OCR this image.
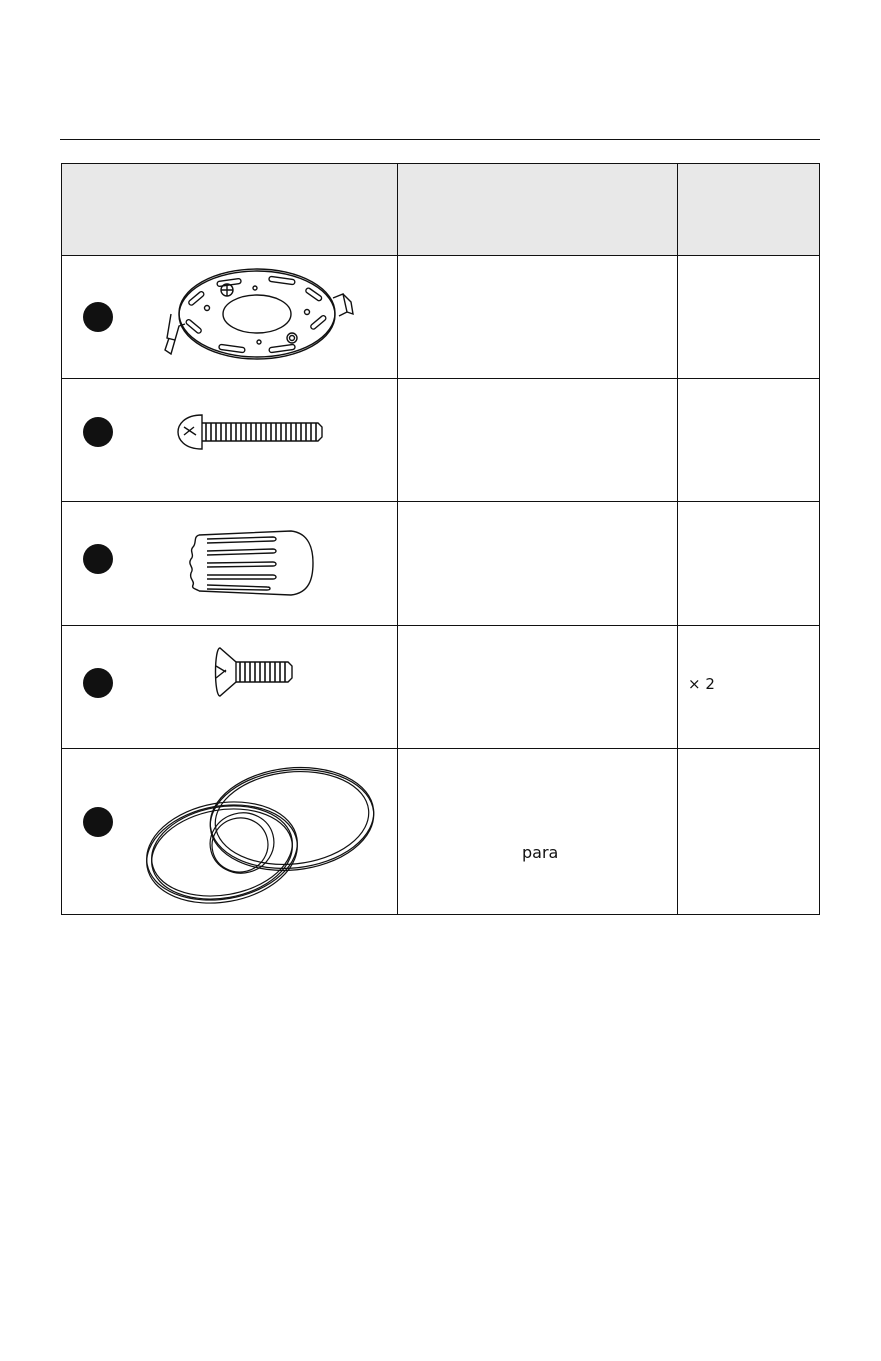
× 2
para
